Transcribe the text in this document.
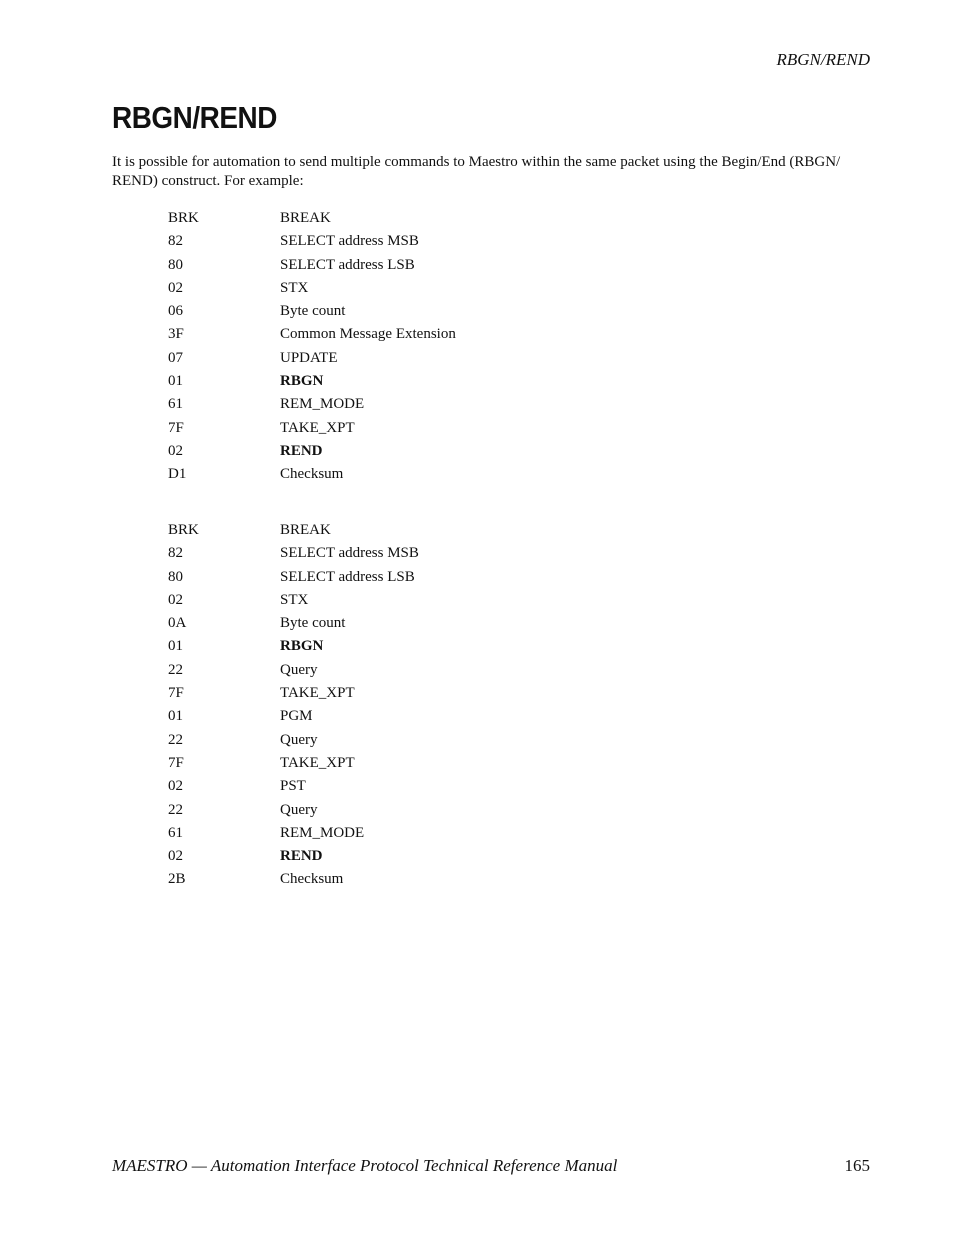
RBGN/REND
RBGN/REND

It is possible for automation to send multiple commands to Maestro within the same packet using the Begin/End (RBGN/ REND) construct. For example:

BRK	BREAK
82	SELECT address MSB
80	SELECT address LSB
02	STX
06	Byte count
3F	Common Message Extension
07	UPDATE
01	RBGN
61	REM_MODE
7F	TAKE_XPT
02	REND
D1	Checksum
BRK	BREAK
82	SELECT address MSB
80	SELECT address LSB
02	STX
0A	Byte count
01	RBGN
22	Query
7F	TAKE_XPT
01	PGM
22	Query
7F	TAKE_XPT
02	PST
22	Query
61	REM_MODE
02	REND
2B	Checksum
MAESTRO — Automation Interface Protocol Technical Reference Manual	165
